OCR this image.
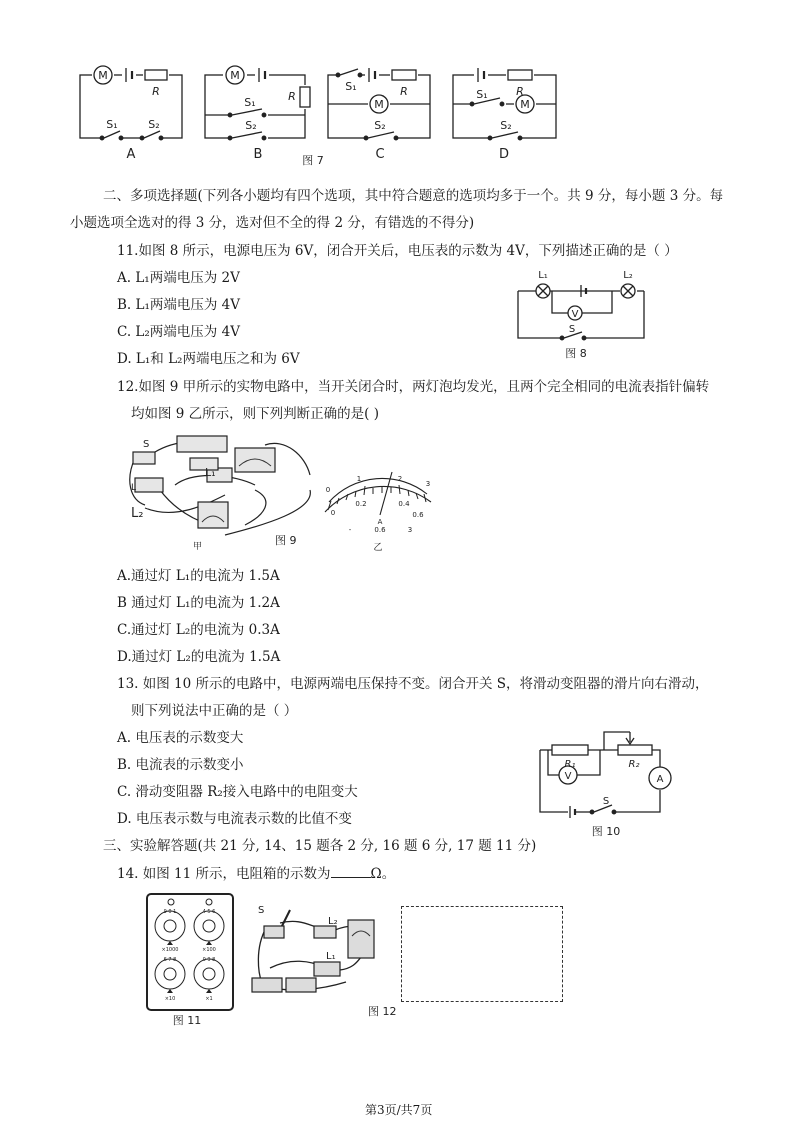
M
R
S₁	S₂
A
M
R
S₁
S₂
B
M
R
S₁
S₂
C
M
R
S₁
S₂
D
图 7
二、多项选择题(下列各小题均有四个选项，其中符合题意的选项均多于一个。共 9 分，每小题 3 分。每
小题选项全选对的得 3 分，选对但不全的得 2 分，有错选的不得分)
11.如图 8 所示，电源电压为 6V，闭合开关后，电压表的示数为 4V，下列描述正确的是（ ）
A. L₁两端电压为 2V
B. L₁两端电压为 4V
C. L₂两端电压为 4V
D. L₁和 L₂两端电压之和为 6V
L₁	L₂
V
S
图 8
12.如图 9 甲所示的实物电路中，当开关闭合时，两灯泡均发光，且两个完全相同的电流表指针偏转
均如图 9 乙所示，则下列判断正确的是( )
S
L₁
L
L₂
甲	图 9
0
1	2
3
0
0.2	0.4
0.6
A
-	0.6	3
乙
A.通过灯 L₁的电流为 1.5A
B 通过灯 L₁的电流为 1.2A
C.通过灯 L₂的电流为 0.3A
D.通过灯 L₂的电流为 1.5A
13. 如图 10 所示的电路中，电源两端电压保持不变。闭合开关 S，将滑动变阻器的滑片向右滑动，
则下列说法中正确的是（ ）
A. 电压表的示数变大
B. 电流表的示数变小
C. 滑动变阻器 R₂接入电路中的电阻变大
D. 电压表示数与电流表示数的比值不变
R₁	R₂
V	A
S
图 10
三、实验解答题(共 21 分, 14、15 题各 2 分, 16 题 6 分, 17 题 11 分)
14. 如图 11 所示，电阻箱的示数为	Ω。
9 0 1	4 5 6
6 7 8	0 9 8
×1000	×100
×10	×1
图 11
S
L₂
L₁
图 12
第3页/共7页
